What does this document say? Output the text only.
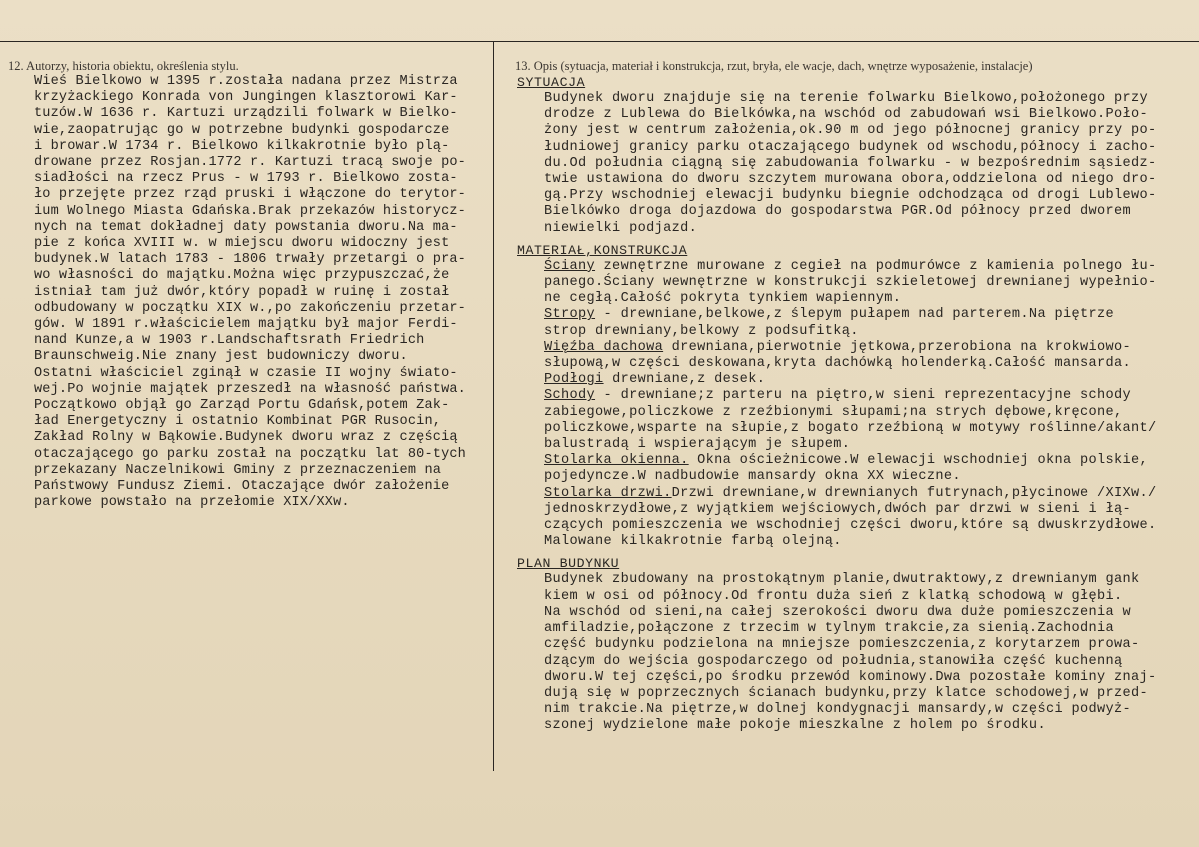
12. Autorzy, historia obiektu, określenia stylu.	13. Opis (sytuacja, materiał i konstrukcja, rzut, bryła, ele wacje, dach, wnętrze wyposażenie, instalacje)
Wieś Bielkowo w 1395 r.została nadana przez Mistrza
krzyżackiego Konrada von Jungingen klasztorowi Kar-
tuzów.W 1636 r. Kartuzi urządzili folwark w Bielko-
wie,zaopatrując go w potrzebne budynki gospodarcze
i browar.W 1734 r. Bielkowo kilkakrotnie było plą-
drowane przez Rosjan.1772 r. Kartuzi tracą swoje po-
siadłości na rzecz Prus - w 1793 r. Bielkowo zosta-
ło przejęte przez rząd pruski i włączone do terytor-
ium Wolnego Miasta Gdańska.Brak przekazów historycz-
nych na temat dokładnej daty powstania dworu.Na ma-
pie z końca XVIII w. w miejscu dworu widoczny jest
budynek.W latach 1783 - 1806 trwały przetargi o pra-
wo własności do majątku.Można więc przypuszczać,że
istniał tam już dwór,który popadł w ruinę i został
odbudowany w początku XIX w.,po zakończeniu przetar-
gów. W 1891 r.właścicielem majątku był major Ferdi-
nand Kunze,a w 1903 r.Landschaftsrath Friedrich
Braunschweig.Nie znany jest budowniczy dworu.
Ostatni właściciel zginął w czasie II wojny świato-
wej.Po wojnie majątek przeszedł na własność państwa.
Początkowo objął go Zarząd Portu Gdańsk,potem Zak-
ład Energetyczny i ostatnio Kombinat PGR Rusocin,
Zakład Rolny w Bąkowie.Budynek dworu wraz z częścią
otaczającego go parku został na początku lat 80-tych
przekazany Naczelnikowi Gminy z przeznaczeniem na
Państwowy Fundusz Ziemi. Otaczające dwór założenie
parkowe powstało na przełomie XIX/XXw.
SYTUACJA
Budynek dworu znajduje się na terenie folwarku Bielkowo,położonego przy
drodze z Lublewa do Bielkówka,na wschód od zabudowań wsi Bielkowo.Poło-
żony jest w centrum założenia,ok.90 m od jego północnej granicy przy po-
łudniowej granicy parku otaczającego budynek od wschodu,północy i zacho-
du.Od południa ciągną się zabudowania folwarku - w bezpośrednim sąsiedz-
twie ustawiona do dworu szczytem murowana obora,oddzielona od niego dro-
gą.Przy wschodniej elewacji budynku biegnie odchodząca od drogi Lublewo-
Bielkówko droga dojazdowa do gospodarstwa PGR.Od północy przed dworem
niewielki podjazd.
MATERIAŁ,KONSTRUKCJA
Ściany zewnętrzne murowane z cegieł na podmurówce z kamienia polnego łu-
panego.Ściany wewnętrzne w konstrukcji szkieletowej drewnianej wypełnio-
ne cegłą.Całość pokryta tynkiem wapiennym.
Stropy - drewniane,belkowe,z ślepym pułapem nad parterem.Na piętrze
strop drewniany,belkowy z podsufitką.
Więźba dachowa drewniana,pierwotnie jętkowa,przerobiona na krokwiowo-
słupową,w części deskowana,kryta dachówką holenderką.Całość mansarda.
Podłogi drewniane,z desek.
Schody - drewniane;z parteru na piętro,w sieni reprezentacyjne schody
zabiegowe,policzkowe z rzeźbionymi słupami;na strych dębowe,kręcone,
policzkowe,wsparte na słupie,z bogato rzeźbioną w motywy roślinne/akant/
balustradą i wspierającym je słupem.
Stolarka okienna. Okna ościeżnicowe.W elewacji wschodniej okna polskie,
pojedyncze.W nadbudowie mansardy okna XX wieczne.
Stolarka drzwi.Drzwi drewniane,w drewnianych futrynach,płycinowe /XIXw./
jednoskrzydłowe,z wyjątkiem wejściowych,dwóch par drzwi w sieni i łą-
czących pomieszczenia we wschodniej części dworu,które są dwuskrzydłowe.
Malowane kilkakrotnie farbą olejną.
PLAN BUDYNKU
Budynek zbudowany na prostokątnym planie,dwutraktowy,z drewnianym gank
kiem w osi od północy.Od frontu duża sień z klatką schodową w głębi.
Na wschód od sieni,na całej szerokości dworu dwa duże pomieszczenia w
amfiladzie,połączone z trzecim w tylnym trakcie,za sienią.Zachodnia
część budynku podzielona na mniejsze pomieszczenia,z korytarzem prowa-
dzącym do wejścia gospodarczego od południa,stanowiła część kuchenną
dworu.W tej części,po środku przewód kominowy.Dwa pozostałe kominy znaj-
dują się w poprzecznych ścianach budynku,przy klatce schodowej,w przed-
nim trakcie.Na piętrze,w dolnej kondygnacji mansardy,w części podwyż-
szonej wydzielone małe pokoje mieszkalne z holem po środku.
